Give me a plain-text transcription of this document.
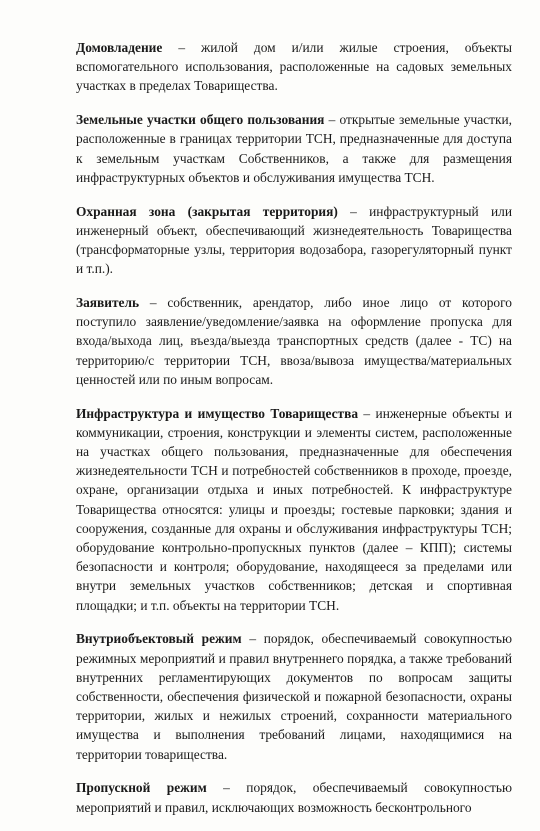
Домовладение – жилой дом и/или жилые строения, объекты вспомогательного использования, расположенные на садовых земельных участках в пределах Товарищества.

Земельные участки общего пользования – открытые земельные участки, расположенные в границах территории ТСН, предназначенные для доступа к земельным участкам Собственников, а также для размещения инфраструктурных объектов и обслуживания имущества ТСН.

Охранная зона (закрытая территория) – инфраструктурный или инженерный объект, обеспечивающий жизнедеятельность Товарищества (трансформаторные узлы, территория водозабора, газорегуляторный пункт и т.п.).

Заявитель – собственник, арендатор, либо иное лицо от которого поступило заявление/уведомление/заявка на оформление пропуска для входа/выхода лиц, въезда/выезда транспортных средств (далее - ТС) на территорию/с территории ТСН, ввоза/вывоза имущества/материальных ценностей или по иным вопросам.

Инфраструктура и имущество Товарищества – инженерные объекты и коммуникации, строения, конструкции и элементы систем, расположенные на участках общего пользования, предназначенные для обеспечения жизнедеятельности ТСН и потребностей собственников в проходе, проезде, охране, организации отдыха и иных потребностей. К инфраструктуре Товарищества относятся: улицы и проезды; гостевые парковки; здания и сооружения, созданные для охраны и обслуживания инфраструктуры ТСН; оборудование контрольно-пропускных пунктов (далее – КПП); системы безопасности и контроля; оборудование, находящееся за пределами или внутри земельных участков собственников; детская и спортивная площадки; и т.п. объекты на территории ТСН.

Внутриобъектовый режим – порядок, обеспечиваемый совокупностью режимных мероприятий и правил внутреннего порядка, а также требований внутренних регламентирующих документов по вопросам защиты собственности, обеспечения физической и пожарной безопасности, охраны территории, жилых и нежилых строений, сохранности материального имущества и выполнения требований лицами, находящимися на территории товарищества.

Пропускной режим – порядок, обеспечиваемый совокупностью мероприятий и правил, исключающих возможность бесконтрольного
